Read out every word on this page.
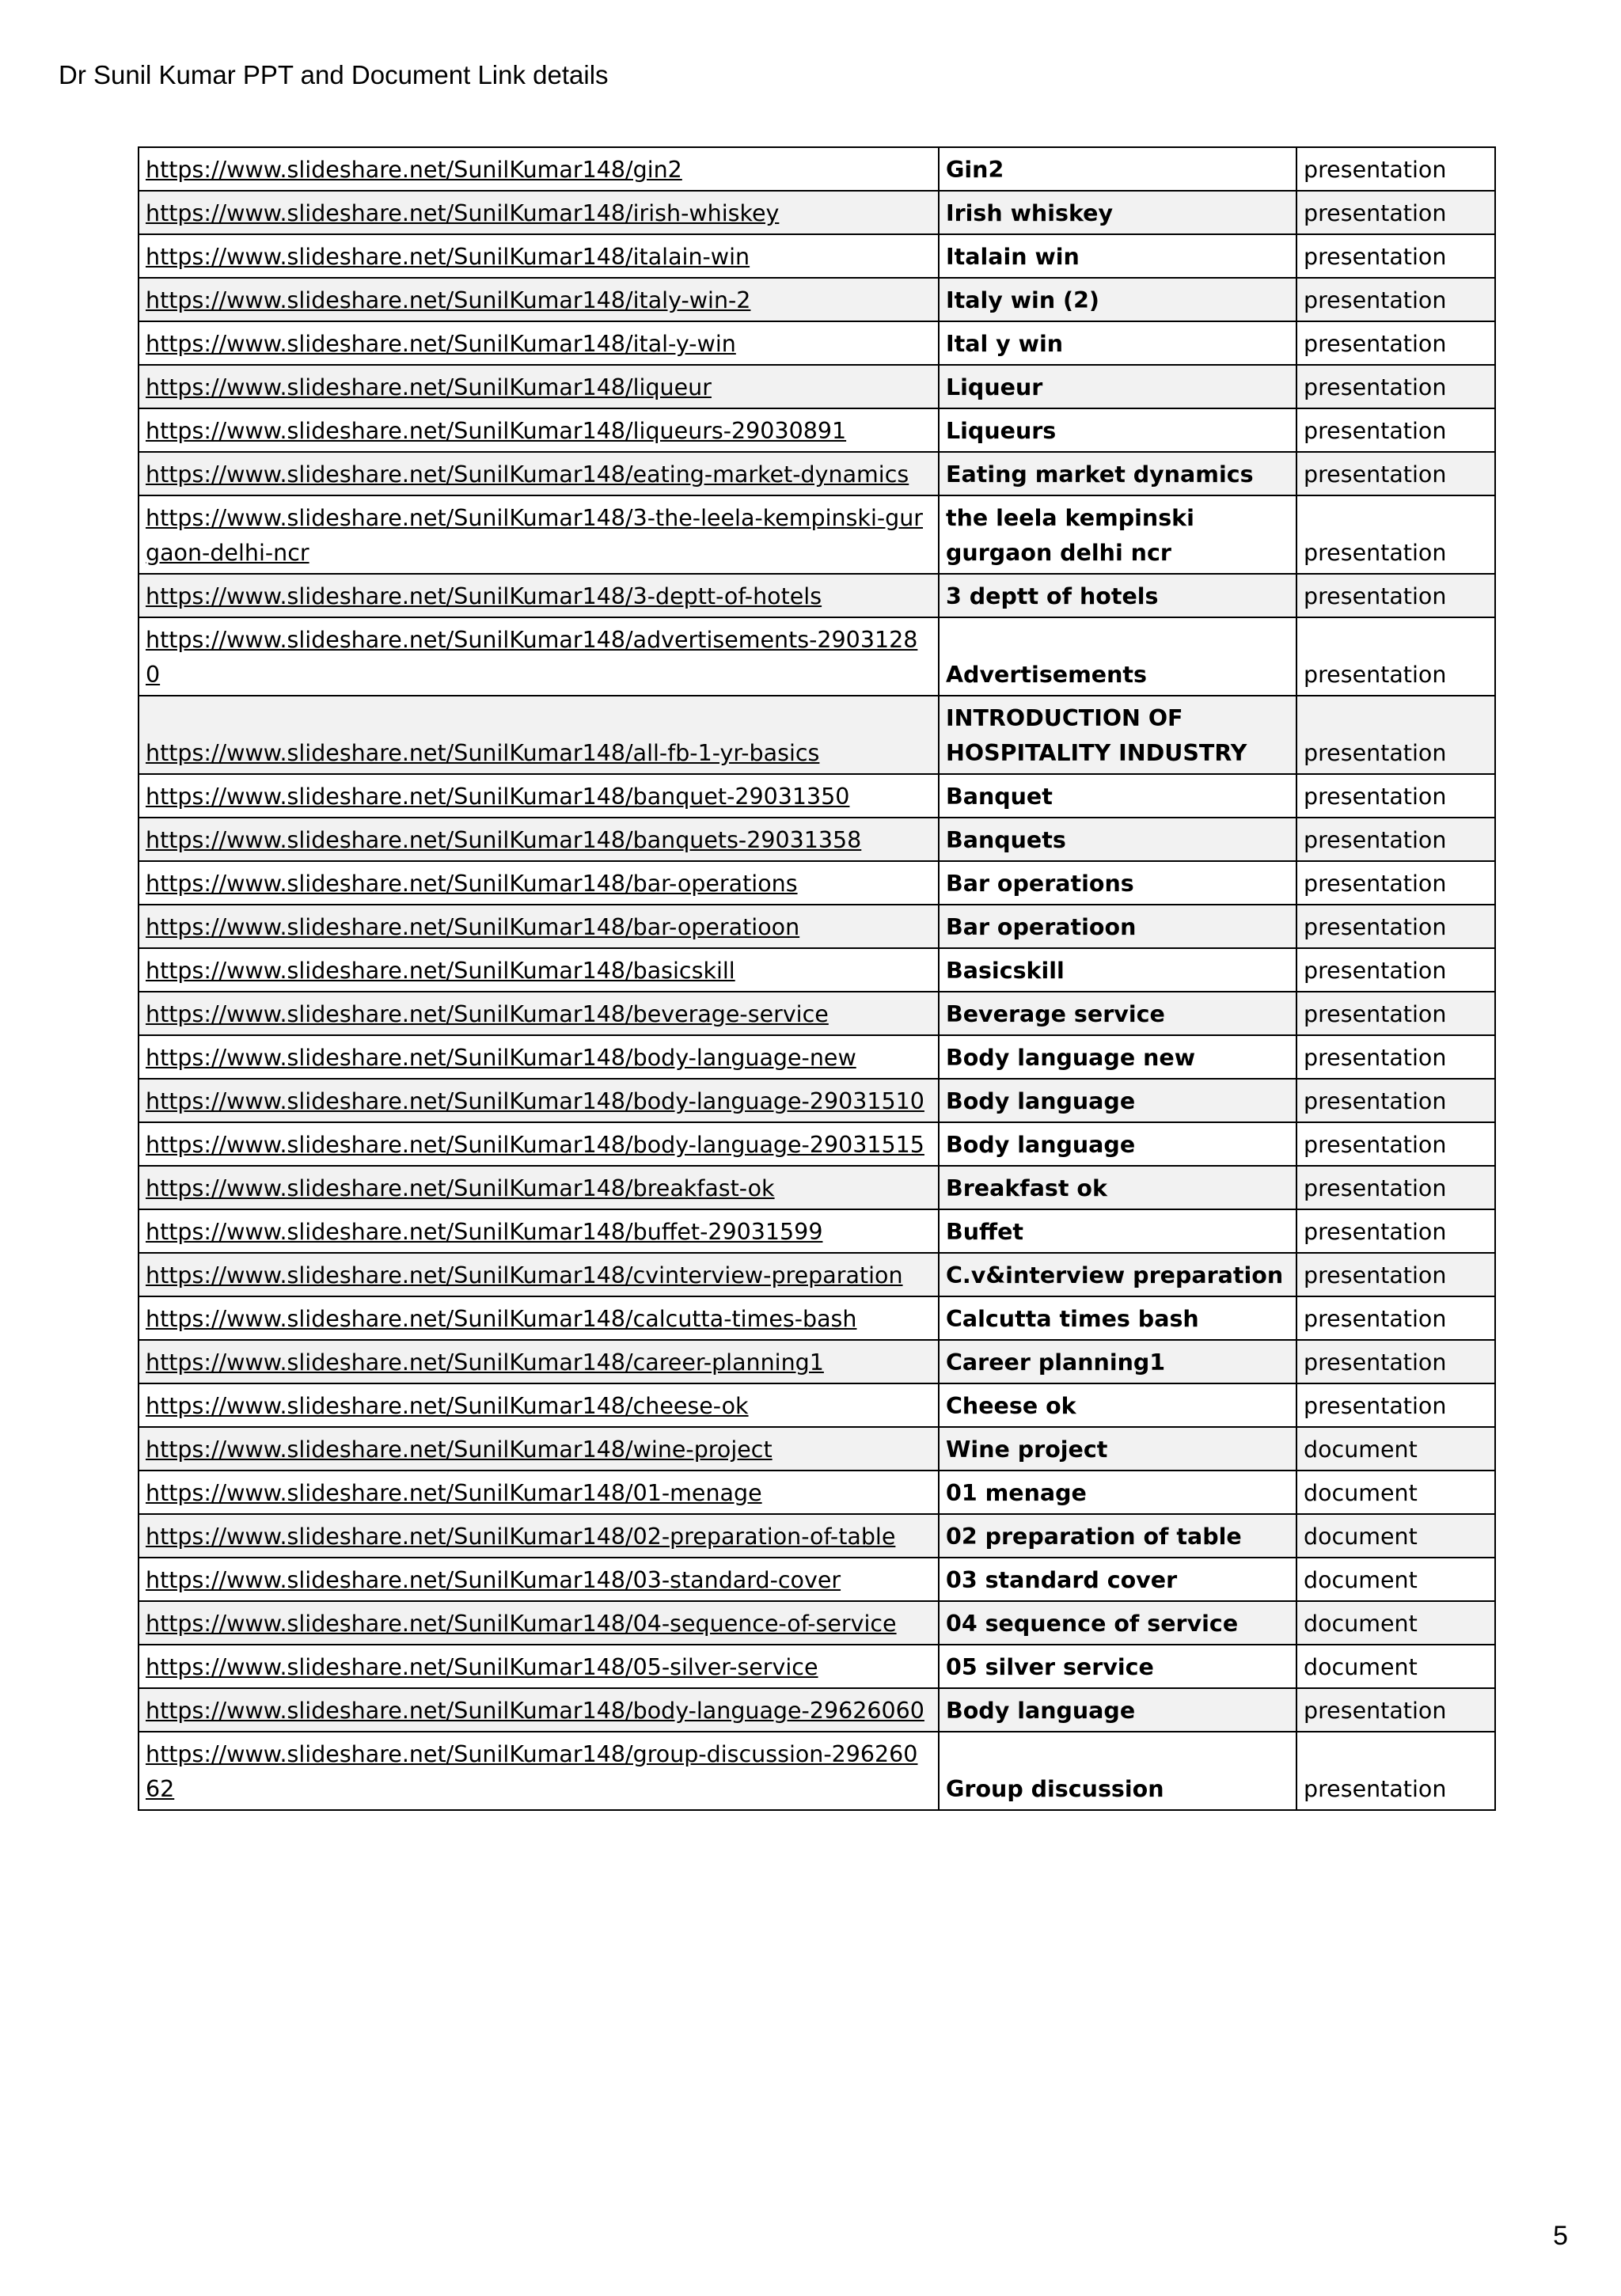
Dr Sunil Kumar PPT and Document Link details
https://www.slideshare.net/SunilKumar148/gin2	Gin2	presentation
https://www.slideshare.net/SunilKumar148/irish-whiskey	Irish whiskey	presentation
https://www.slideshare.net/SunilKumar148/italain-win	Italain win	presentation
https://www.slideshare.net/SunilKumar148/italy-win-2	Italy win (2)	presentation
https://www.slideshare.net/SunilKumar148/ital-y-win	Ital y win	presentation
https://www.slideshare.net/SunilKumar148/liqueur	Liqueur	presentation
https://www.slideshare.net/SunilKumar148/liqueurs-29030891	Liqueurs	presentation
https://www.slideshare.net/SunilKumar148/eating-market-dynamics	Eating market dynamics	presentation
https://www.slideshare.net/SunilKumar148/3-the-leela-kempinski-gurgaon-delhi-ncr	the leela kempinski gurgaon delhi ncr	presentation
https://www.slideshare.net/SunilKumar148/3-deptt-of-hotels	3 deptt of hotels	presentation
https://www.slideshare.net/SunilKumar148/advertisements-29031280	Advertisements	presentation
https://www.slideshare.net/SunilKumar148/all-fb-1-yr-basics	INTRODUCTION OF HOSPITALITY INDUSTRY	presentation
https://www.slideshare.net/SunilKumar148/banquet-29031350	Banquet	presentation
https://www.slideshare.net/SunilKumar148/banquets-29031358	Banquets	presentation
https://www.slideshare.net/SunilKumar148/bar-operations	Bar operations	presentation
https://www.slideshare.net/SunilKumar148/bar-operatioon	Bar operatioon	presentation
https://www.slideshare.net/SunilKumar148/basicskill	Basicskill	presentation
https://www.slideshare.net/SunilKumar148/beverage-service	Beverage service	presentation
https://www.slideshare.net/SunilKumar148/body-language-new	Body language new	presentation
https://www.slideshare.net/SunilKumar148/body-language-29031510	Body language	presentation
https://www.slideshare.net/SunilKumar148/body-language-29031515	Body language	presentation
https://www.slideshare.net/SunilKumar148/breakfast-ok	Breakfast ok	presentation
https://www.slideshare.net/SunilKumar148/buffet-29031599	Buffet	presentation
https://www.slideshare.net/SunilKumar148/cvinterview-preparation	C.v&interview preparation	presentation
https://www.slideshare.net/SunilKumar148/calcutta-times-bash	Calcutta times bash	presentation
https://www.slideshare.net/SunilKumar148/career-planning1	Career planning1	presentation
https://www.slideshare.net/SunilKumar148/cheese-ok	Cheese ok	presentation
https://www.slideshare.net/SunilKumar148/wine-project	Wine project	document
https://www.slideshare.net/SunilKumar148/01-menage	01 menage	document
https://www.slideshare.net/SunilKumar148/02-preparation-of-table	02 preparation of table	document
https://www.slideshare.net/SunilKumar148/03-standard-cover	03 standard cover	document
https://www.slideshare.net/SunilKumar148/04-sequence-of-service	04 sequence of service	document
https://www.slideshare.net/SunilKumar148/05-silver-service	05 silver service	document
https://www.slideshare.net/SunilKumar148/body-language-29626060	Body language	presentation
https://www.slideshare.net/SunilKumar148/group-discussion-29626062	Group discussion	presentation
5
